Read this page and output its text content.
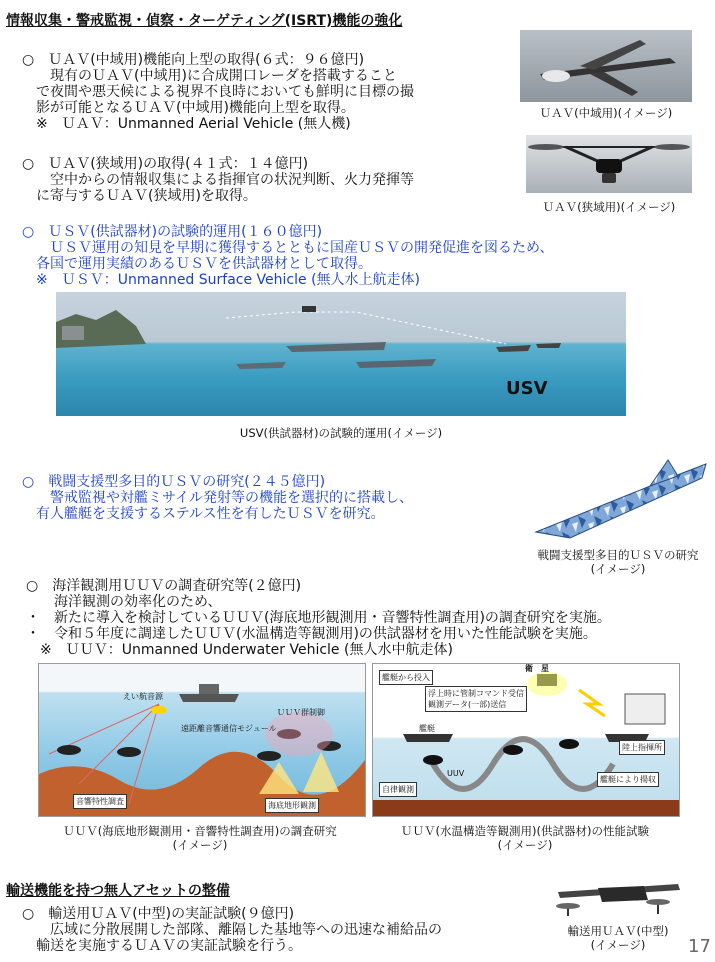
情報収集・警戒監視・偵察・ターゲティング(ISRT)機能の強化
○　ＵＡＶ(中域用)機能向上型の取得(６式：９６億円)
　　現有のＵＡＶ(中域用)に合成開口レーダを搭載すること
　で夜間や悪天候による視界不良時においても鮮明に目標の撮
　影が可能となるＵＡＶ(中域用)機能向上型を取得。
　※　ＵＡＶ：Unmanned Aerial Vehicle (無人機)
ＵＡＶ(中域用)(イメージ)
○　ＵＡＶ(狭域用)の取得(４１式：１４億円)
　　空中からの情報収集による指揮官の状況判断、火力発揮等
　に寄与するＵＡＶ(狭域用)を取得。
ＵＡＶ(狭域用)(イメージ)
○　ＵＳＶ(供試器材)の試験的運用(１６０億円)
　　ＵＳＶ運用の知見を早期に獲得するとともに国産ＵＳＶの開発促進を図るため、
　各国で運用実績のあるＵＳＶを供試器材として取得。
　※　ＵＳＶ：Unmanned Surface Vehicle (無人水上航走体)
USV
USV(供試器材)の試験的運用(イメージ)
○　戦闘支援型多目的ＵＳＶの研究(２４５億円)
　　警戒監視や対艦ミサイル発射等の機能を選択的に搭載し、
　有人艦艇を支援するステルス性を有したＵＳＶを研究。
戦闘支援型多目的ＵＳＶの研究
(イメージ)
○　海洋観測用ＵＵＶの調査研究等(２億円)
　　海洋観測の効率化のため、
・　新たに導入を検討しているＵＵＶ(海底地形観測用・音響特性調査用)の調査研究を実施。
・　令和５年度に調達したＵＵＶ(水温構造等観測用)の供試器材を用いた性能試験を実施。
　※　ＵＵＶ：Unmanned Underwater Vehicle (無人水中航走体)
えい航音源
ＵＵＶ群制御
遠距離音響通信モジュール
音響特性調査	海底地形観測
ＵＵＶ(海底地形観測用・音響特性調査用)の調査研究
(イメージ)
艦艇から投入
衛　星
浮上時に管制コマンド受信
観測データ(一部)送信
艦艇
UUV
陸上指揮所
自律観測
艦艇により揚収
ＵＵＶ(水温構造等観測用)(供試器材)の性能試験
(イメージ)
輸送機能を持つ無人アセットの整備
○　輸送用ＵＡＶ(中型)の実証試験(９億円)
　　広域に分散展開した部隊、離隔した基地等への迅速な補給品の
　輸送を実施するＵＡＶの実証試験を行う。
輸送用ＵＡＶ(中型)
(イメージ)	17
